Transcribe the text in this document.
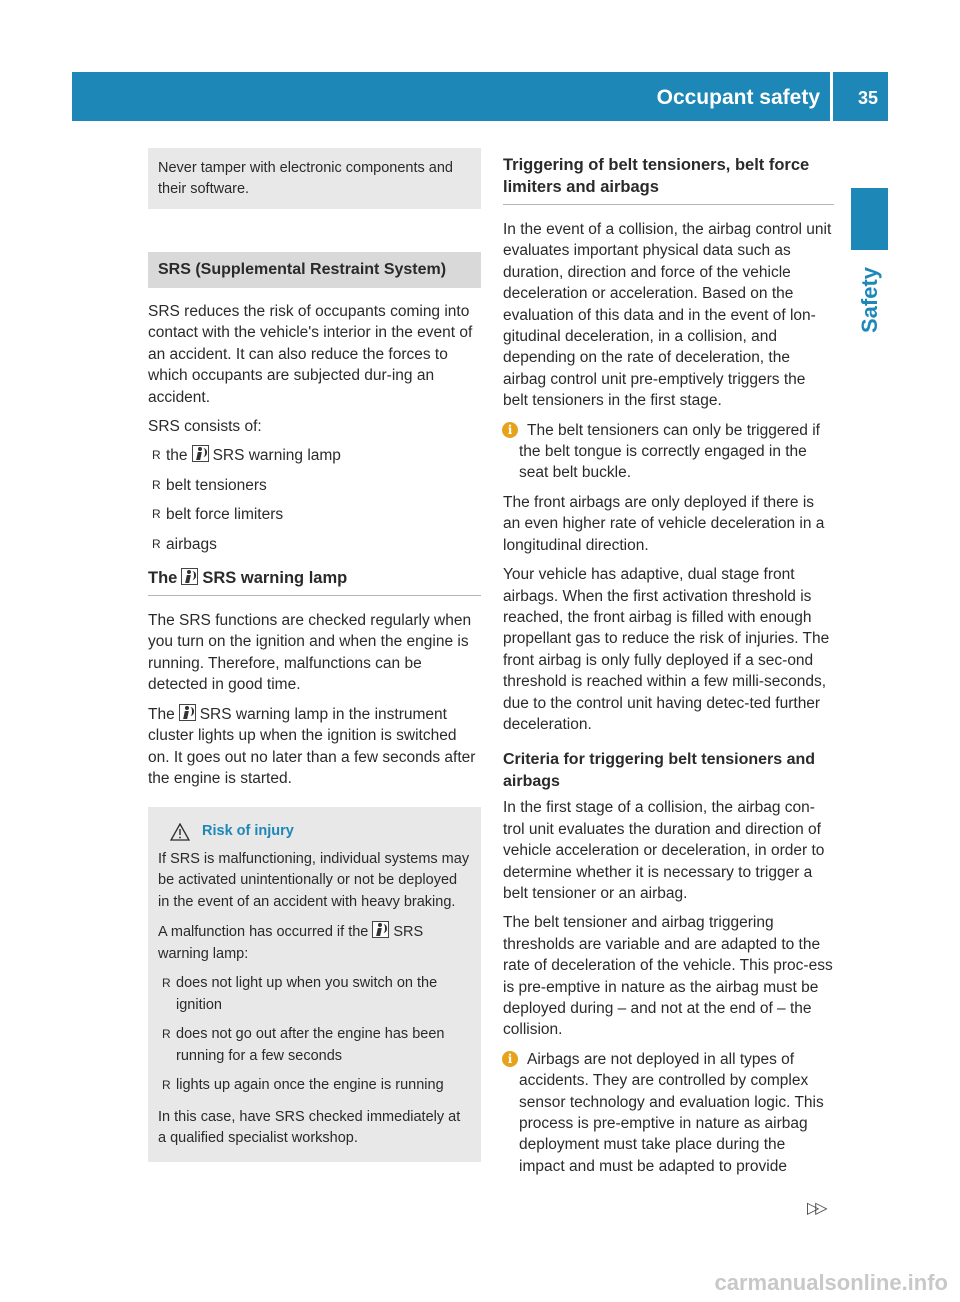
Occupant safety 35
Safety
Never tamper with electronic components and their software.
SRS (Supplemental Restraint System)

SRS reduces the risk of occupants coming into contact with the vehicle's interior in the event of an accident. It can also reduce the forces to which occupants are subjected dur-ing an accident.

SRS consists of:

R the SRS warning lamp
R belt tensioners
R belt force limiters
R airbags
The SRS warning lamp

The SRS functions are checked regularly when you turn on the ignition and when the engine is running. Therefore, malfunctions can be detected in good time.

The SRS warning lamp in the instrument cluster lights up when the ignition is switched on. It goes out no later than a few seconds after the engine is started.

Risk of injury

If SRS is malfunctioning, individual systems may be activated unintentionally or not be deployed in the event of an accident with heavy braking.

A malfunction has occurred if the SRS warning lamp:

R does not light up when you switch on the ignition
R does not go out after the engine has been running for a few seconds
R lights up again once the engine is running

In this case, have SRS checked immediately at a qualified specialist workshop.

Triggering of belt tensioners, belt force limiters and airbags

In the event of a collision, the airbag control unit evaluates important physical data such as duration, direction and force of the vehicle deceleration or acceleration. Based on the evaluation of this data and in the event of lon-gitudinal deceleration, in a collision, and depending on the rate of deceleration, the airbag control unit pre-emptively triggers the belt tensioners in the first stage.

i The belt tensioners can only be triggered if the belt tongue is correctly engaged in the seat belt buckle.

The front airbags are only deployed if there is an even higher rate of vehicle deceleration in a longitudinal direction.

Your vehicle has adaptive, dual stage front airbags. When the first activation threshold is reached, the front airbag is filled with enough propellant gas to reduce the risk of injuries. The front airbag is only fully deployed if a sec-ond threshold is reached within a few milli-seconds, due to the control unit having detec-ted further deceleration.

Criteria for triggering belt tensioners and airbags

In the first stage of a collision, the airbag con-trol unit evaluates the duration and direction of vehicle acceleration or deceleration, in order to determine whether it is necessary to trigger a belt tensioner or an airbag.

The belt tensioner and airbag triggering thresholds are variable and are adapted to the rate of deceleration of the vehicle. This proc-ess is pre-emptive in nature as the airbag must be deployed during – and not at the end of – the collision.

i Airbags are not deployed in all types of accidents. They are controlled by complex sensor technology and evaluation logic. This process is pre-emptive in nature as airbag deployment must take place during the impact and must be adapted to provide
▷▷
carmanualsonline.info
